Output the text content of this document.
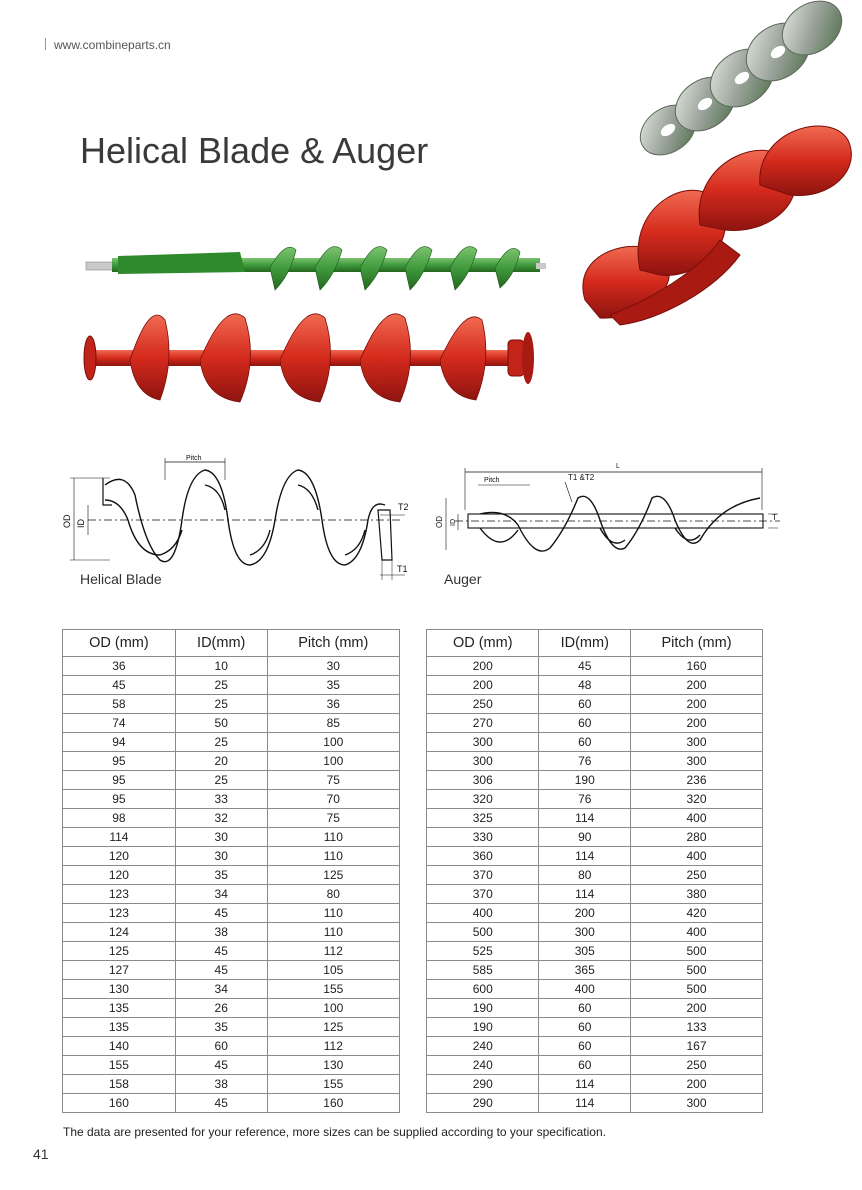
www.combineparts.cn
Helical Blade & Auger
Pitch
OD ID
T2
T1
L
Pitch	T1 &T2
OD ID
T
Helical Blade	Auger
OD (mm)	ID(mm)	Pitch (mm)
36	10	30
45	25	35
58	25	36
74	50	85
94	25	100
95	20	100
95	25	75
95	33	70
98	32	75
114	30	110
120	30	110
120	35	125
123	34	80
123	45	110
124	38	110
125	45	112
127	45	105
130	34	155
135	26	100
135	35	125
140	60	112
155	45	130
158	38	155
160	45	160
OD (mm)	ID(mm)	Pitch (mm)
200	45	160
200	48	200
250	60	200
270	60	200
300	60	300
300	76	300
306	190	236
320	76	320
325	114	400
330	90	280
360	114	400
370	80	250
370	114	380
400	200	420
500	300	400
525	305	500
585	365	500
600	400	500
190	60	200
190	60	133
240	60	167
240	60	250
290	114	200
290	114	300
The data are presented for your reference, more sizes can be supplied according to your specification.
41
